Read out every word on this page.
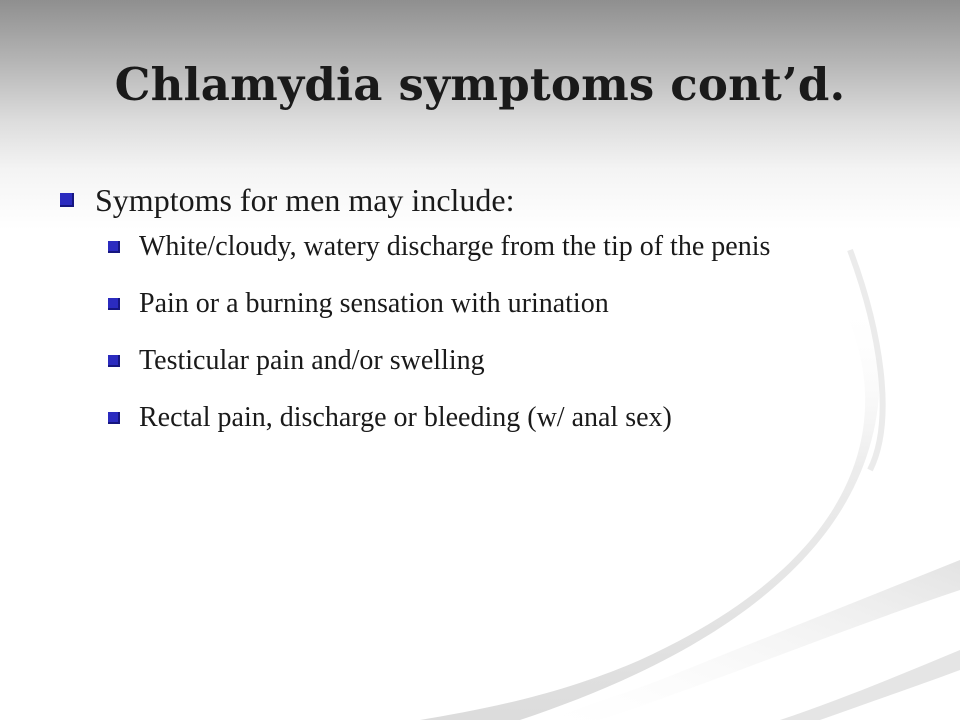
Chlamydia symptoms cont’d.
Symptoms for men may include:
White/cloudy, watery discharge from the tip of the penis
Pain or a burning sensation with urination
Testicular pain and/or swelling
Rectal pain, discharge or bleeding (w/ anal sex)
